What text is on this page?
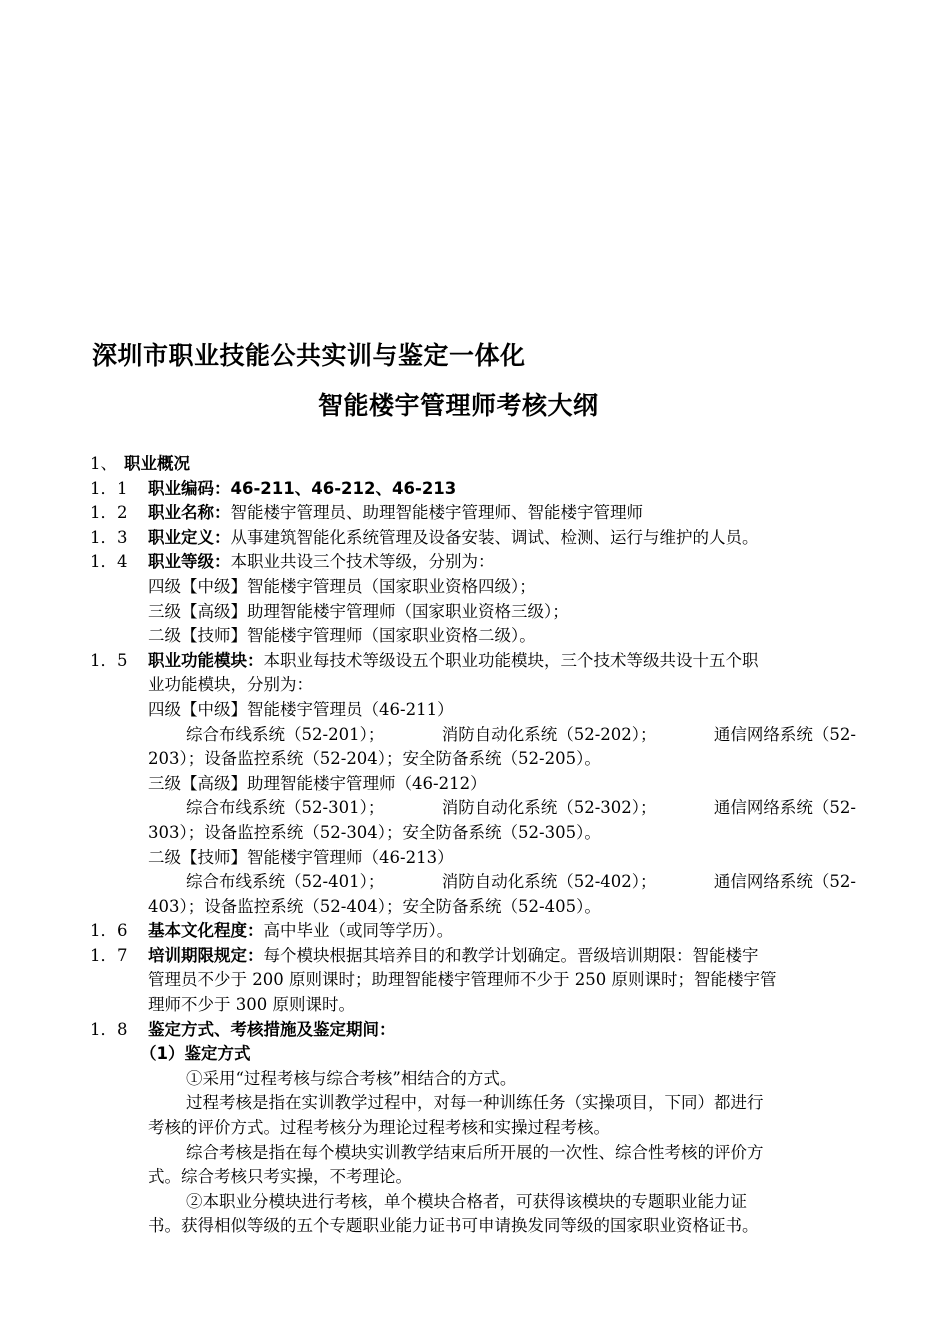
深圳市职业技能公共实训与鉴定一体化
智能楼宇管理师考核大纲
1、 职业概况
1．1 职业编码：46-211、46-212、46-213
1．2 职业名称：智能楼宇管理员、助理智能楼宇管理师、智能楼宇管理师
1．3 职业定义：从事建筑智能化系统管理及设备安装、调试、检测、运行与维护的人员。
1．4 职业等级：本职业共设三个技术等级，分别为：
四级【中级】智能楼宇管理员（国家职业资格四级）；
三级【高级】助理智能楼宇管理师（国家职业资格三级）；
二级【技师】智能楼宇管理师（国家职业资格二级）。
1．5 职业功能模块：本职业每技术等级设五个职业功能模块，三个技术等级共设十五个职
业功能模块，分别为：
四级【中级】智能楼宇管理员（46-211）
综合布线系统（52-201）；	消防自动化系统（52-202）；	通信网络系统（52-
203）；设备监控系统（52-204）；安全防备系统（52-205）。
三级【高级】助理智能楼宇管理师（46-212）
综合布线系统（52-301）；	消防自动化系统（52-302）；	通信网络系统（52-
303）；设备监控系统（52-304）；安全防备系统（52-305）。
二级【技师】智能楼宇管理师（46-213）
综合布线系统（52-401）；	消防自动化系统（52-402）；	通信网络系统（52-
403）；设备监控系统（52-404）；安全防备系统（52-405）。
1．6 基本文化程度：高中毕业（或同等学历）。
1．7 培训期限规定：每个模块根据其培养目的和教学计划确定。晋级培训期限：智能楼宇
管理员不少于 200 原则课时；助理智能楼宇管理师不少于 250 原则课时；智能楼宇管
理师不少于 300 原则课时。
1．8 鉴定方式、考核措施及鉴定期间：
（1）鉴定方式
①采用“过程考核与综合考核”相结合的方式。
过程考核是指在实训教学过程中，对每一种训练任务（实操项目，下同）都进行
考核的评价方式。过程考核分为理论过程考核和实操过程考核。
综合考核是指在每个模块实训教学结束后所开展的一次性、综合性考核的评价方
式。综合考核只考实操，不考理论。
②本职业分模块进行考核，单个模块合格者，可获得该模块的专题职业能力证
书。获得相似等级的五个专题职业能力证书可申请换发同等级的国家职业资格证书。
